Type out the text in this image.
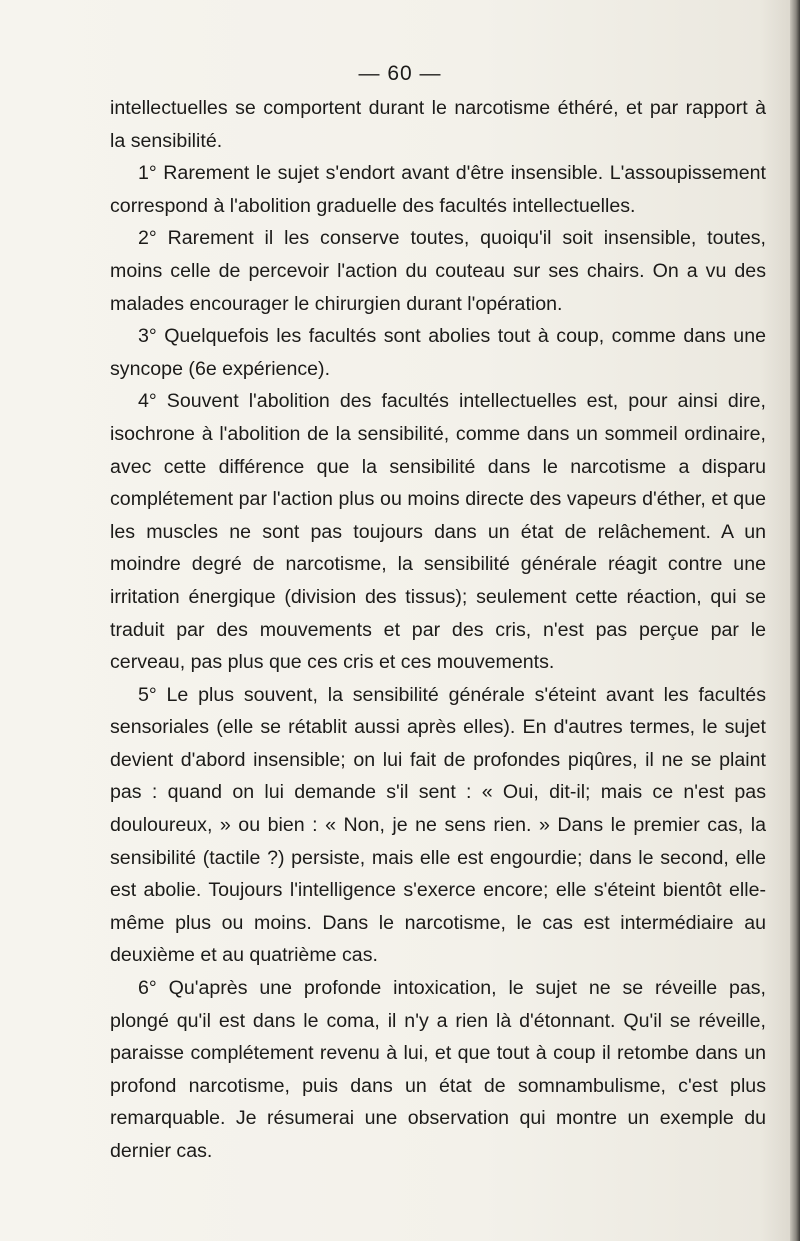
— 60 —

intellectuelles se comportent durant le narcotisme éthéré, et par rapport à la sensibilité.

1° Rarement le sujet s'endort avant d'être insensible. L'assoupissement correspond à l'abolition graduelle des facultés intellectuelles.

2° Rarement il les conserve toutes, quoiqu'il soit insensible, toutes, moins celle de percevoir l'action du couteau sur ses chairs. On a vu des malades encourager le chirurgien durant l'opération.

3° Quelquefois les facultés sont abolies tout à coup, comme dans une syncope (6e expérience).

4° Souvent l'abolition des facultés intellectuelles est, pour ainsi dire, isochrone à l'abolition de la sensibilité, comme dans un sommeil ordinaire, avec cette différence que la sensibilité dans le narcotisme a disparu complétement par l'action plus ou moins directe des vapeurs d'éther, et que les muscles ne sont pas toujours dans un état de relâchement. A un moindre degré de narcotisme, la sensibilité générale réagit contre une irritation énergique (division des tissus); seulement cette réaction, qui se traduit par des mouvements et par des cris, n'est pas perçue par le cerveau, pas plus que ces cris et ces mouvements.

5° Le plus souvent, la sensibilité générale s'éteint avant les facultés sensoriales (elle se rétablit aussi après elles). En d'autres termes, le sujet devient d'abord insensible; on lui fait de profondes piqûres, il ne se plaint pas : quand on lui demande s'il sent : « Oui, dit-il; mais ce n'est pas douloureux, » ou bien : « Non, je ne sens rien. » Dans le premier cas, la sensibilité (tactile ?) persiste, mais elle est engourdie; dans le second, elle est abolie. Toujours l'intelligence s'exerce encore; elle s'éteint bientôt elle-même plus ou moins. Dans le narcotisme, le cas est intermédiaire au deuxième et au quatrième cas.

6° Qu'après une profonde intoxication, le sujet ne se réveille pas, plongé qu'il est dans le coma, il n'y a rien là d'étonnant. Qu'il se réveille, paraisse complétement revenu à lui, et que tout à coup il retombe dans un profond narcotisme, puis dans un état de somnambulisme, c'est plus remarquable. Je résumerai une observation qui montre un exemple du dernier cas.
